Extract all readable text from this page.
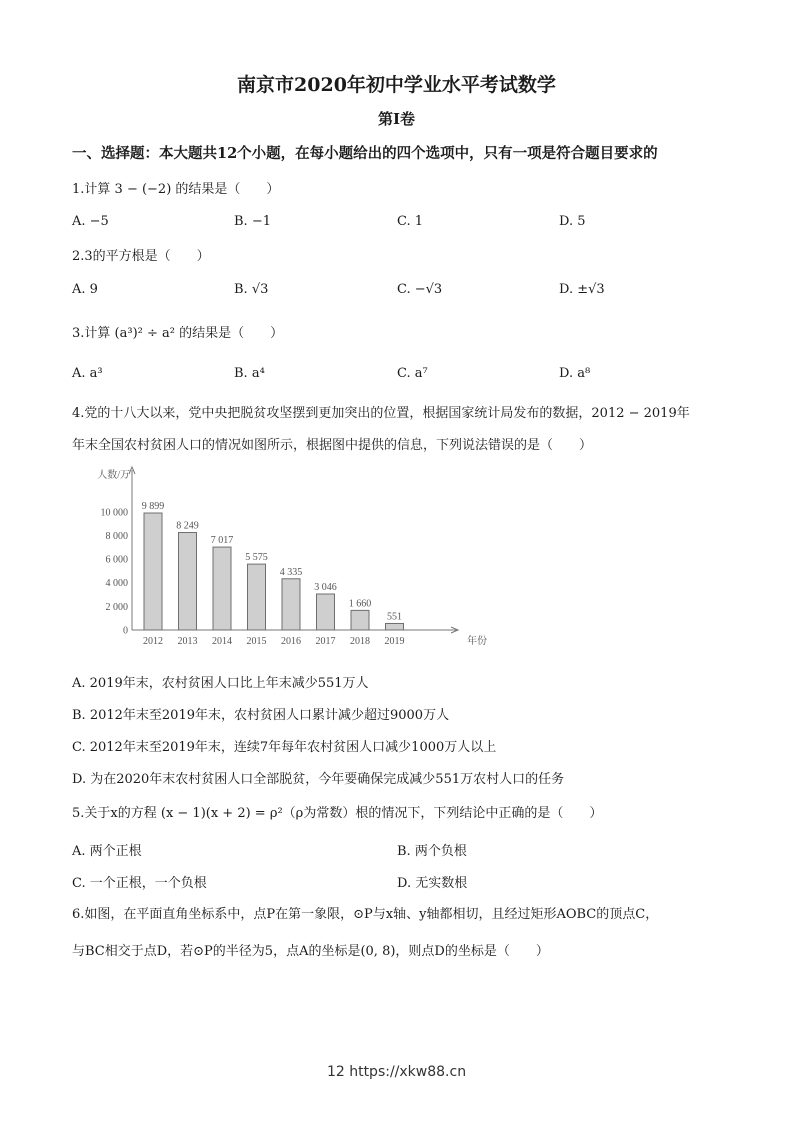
南京市2020年初中学业水平考试数学
第Ⅰ卷
一、选择题：本大题共12个小题，在每小题给出的四个选项中，只有一项是符合题目要求的
1.计算 3 − (−2) 的结果是（　　）
A. −5	B. −1	C. 1	D. 5
2.3的平方根是（　　）
A. 9	B. √3	C. −√3	D. ±√3
3.计算 (a³)² ÷ a² 的结果是（　　）
A. a³	B. a⁴	C. a⁷	D. a⁸
4.党的十八大以来，党中央把脱贫攻坚摆到更加突出的位置，根据国家统计局发布的数据，2012 − 2019年
年末全国农村贫困人口的情况如图所示，根据图中提供的信息，下列说法错误的是（　　）
人数/万
年份
0
2 000
4 000
6 000
8 000
10 000
9 899
2012
8 249
2013
7 017
2014
5 575
2015
4 335
2016
3 046
2017
1 660
2018
551
2019
A. 2019年末，农村贫困人口比上年末减少551万人
B. 2012年末至2019年末，农村贫困人口累计减少超过9000万人
C. 2012年末至2019年末，连续7年每年农村贫困人口减少1000万人以上
D. 为在2020年末农村贫困人口全部脱贫，今年要确保完成减少551万农村人口的任务
5.关于x的方程 (x − 1)(x + 2) = ρ²（ρ为常数）根的情况下，下列结论中正确的是（　　）
A. 两个正根	B. 两个负根
C. 一个正根，一个负根	D. 无实数根
6.如图，在平面直角坐标系中，点P在第一象限，⊙P与x轴、y轴都相切，且经过矩形AOBC的顶点C，
与BC相交于点D，若⊙P的半径为5，点A的坐标是(0, 8)，则点D的坐标是（　　）
12 https://xkw88.cn
